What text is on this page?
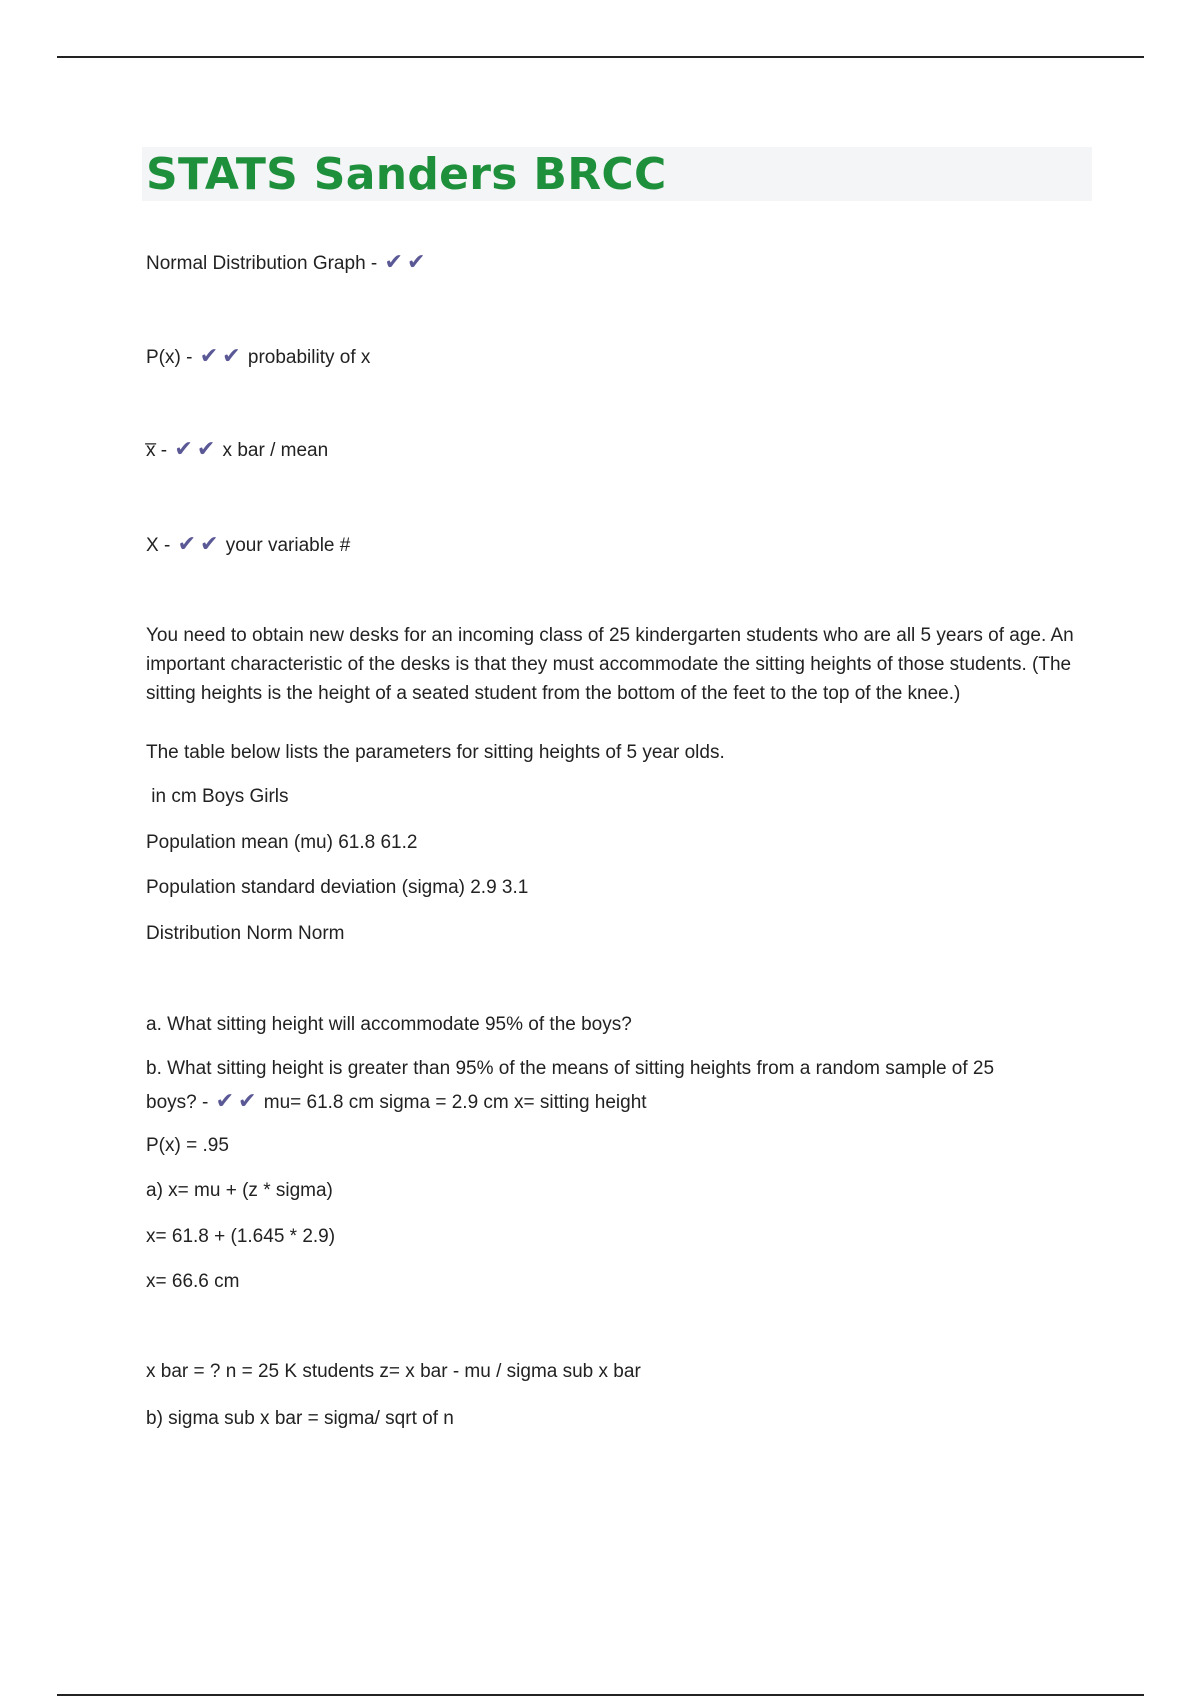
STATS Sanders BRCC

Normal Distribution Graph - ✔ ✔

P(x) - ✔ ✔ probability of x

x̅ - ✔ ✔ x bar / mean

X - ✔ ✔ your variable #

You need to obtain new desks for an incoming class of 25 kindergarten students who are all 5 years of age. An important characteristic of the desks is that they must accommodate the sitting heights of those students. (The sitting heights is the height of a seated student from the bottom of the feet to the top of the knee.)

The table below lists the parameters for sitting heights of 5 year olds.

in cm Boys Girls

Population mean (mu) 61.8 61.2

Population standard deviation (sigma) 2.9 3.1

Distribution Norm Norm

a. What sitting height will accommodate 95% of the boys?

b. What sitting height is greater than 95% of the means of sitting heights from a random sample of 25

boys? - ✔ ✔ mu= 61.8 cm sigma = 2.9 cm x= sitting height

P(x) = .95

a) x= mu + (z * sigma)

x= 61.8 + (1.645 * 2.9)

x= 66.6 cm

x bar = ? n = 25 K students z= x bar - mu / sigma sub x bar

b) sigma sub x bar = sigma/ sqrt of n
